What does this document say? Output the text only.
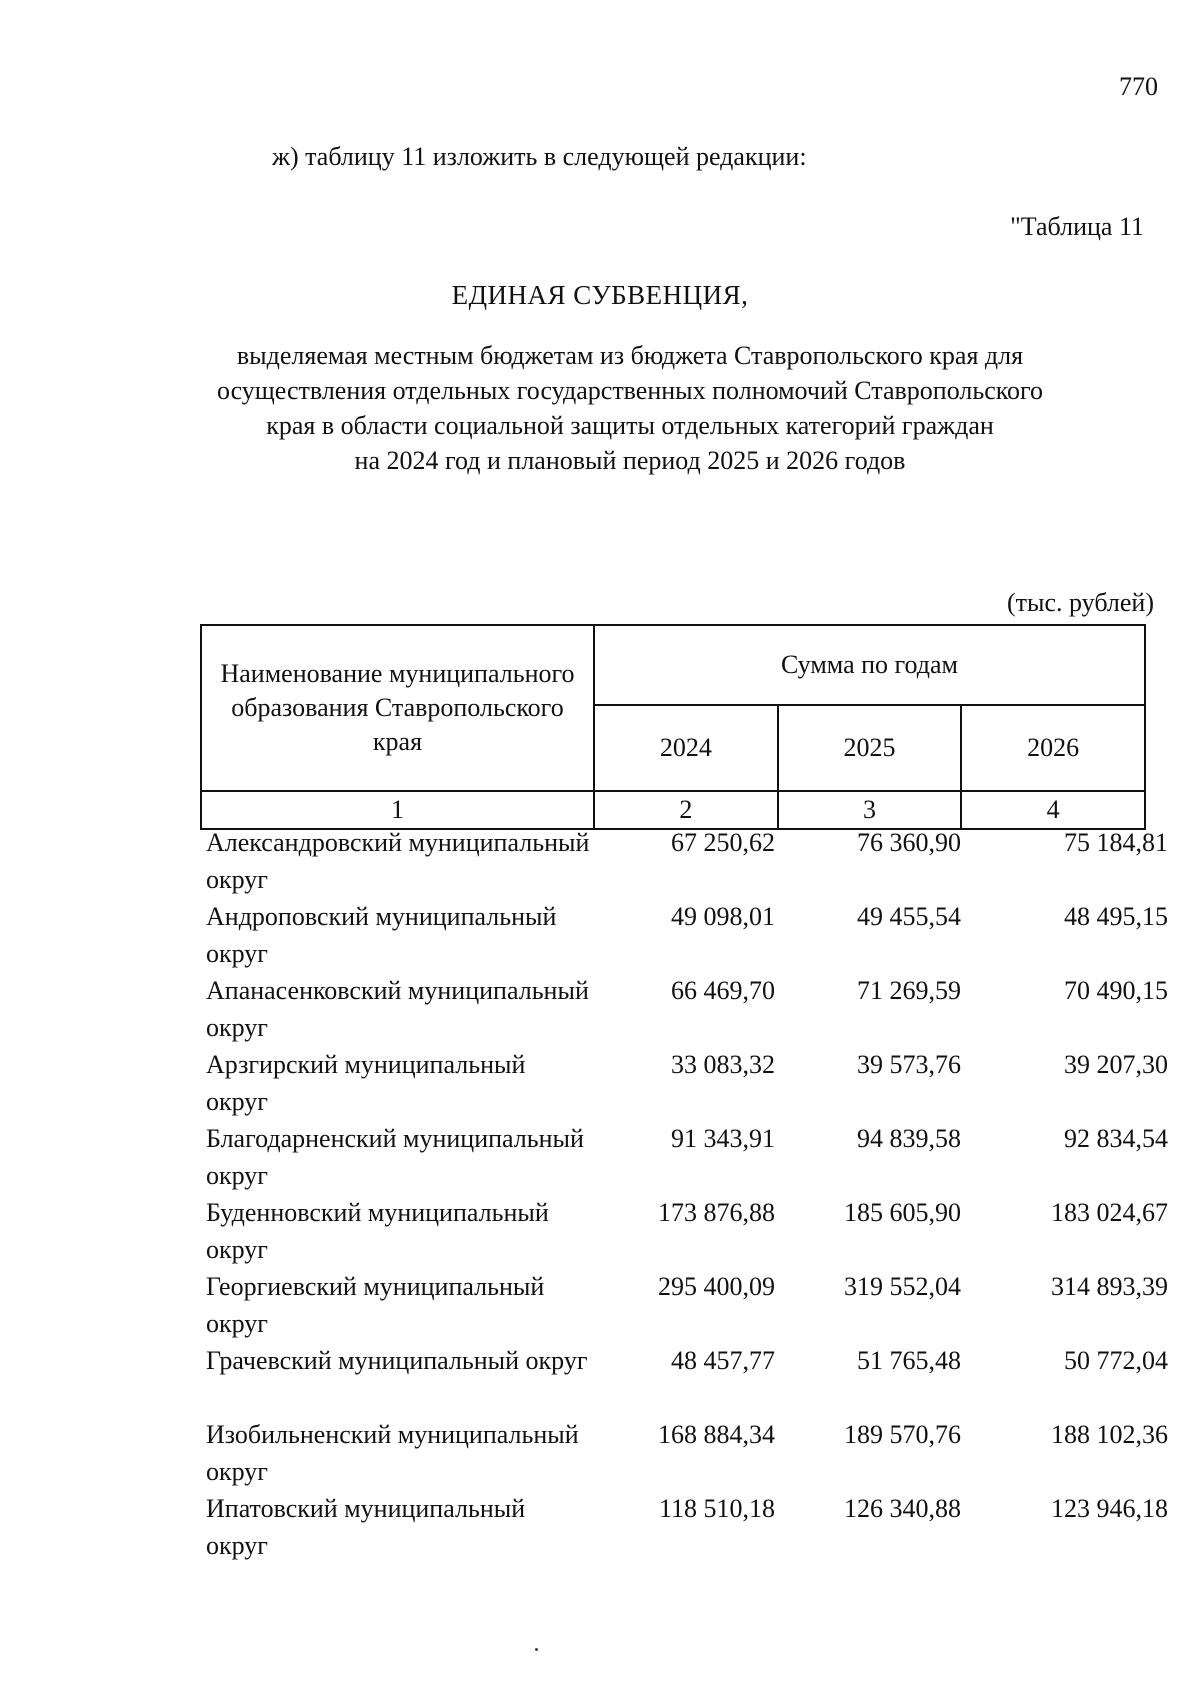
770
ж) таблицу 11 изложить в следующей редакции:
"Таблица 11
ЕДИНАЯ СУБВЕНЦИЯ,

выделяемая местным бюджетам из бюджета Ставропольского края для
осуществления отдельных государственных полномочий Ставропольского
края в области социальной защиты отдельных категорий граждан
на 2024 год и плановый период 2025 и 2026 годов

(тыс. рублей)
Наименование муниципального образования Ставропольского края	Сумма по годам		
	2024	2025	2026
1	2	3	4
Александровский муниципальный округ	67 250,62	76 360,90	75 184,81
Андроповский муниципальный округ	49 098,01	49 455,54	48 495,15
Апанасенковский муниципальный округ	66 469,70	71 269,59	70 490,15
Арзгирский муниципальный округ	33 083,32	39 573,76	39 207,30
Благодарненский муниципальный округ	91 343,91	94 839,58	92 834,54
Буденновский муниципальный округ	173 876,88	185 605,90	183 024,67
Георгиевский муниципальный округ	295 400,09	319 552,04	314 893,39
Грачевский муниципальный округ	48 457,77	51 765,48	50 772,04
Изобильненский муниципальный округ	168 884,34	189 570,76	188 102,36
Ипатовский муниципальный округ	118 510,18	126 340,88	123 946,18
